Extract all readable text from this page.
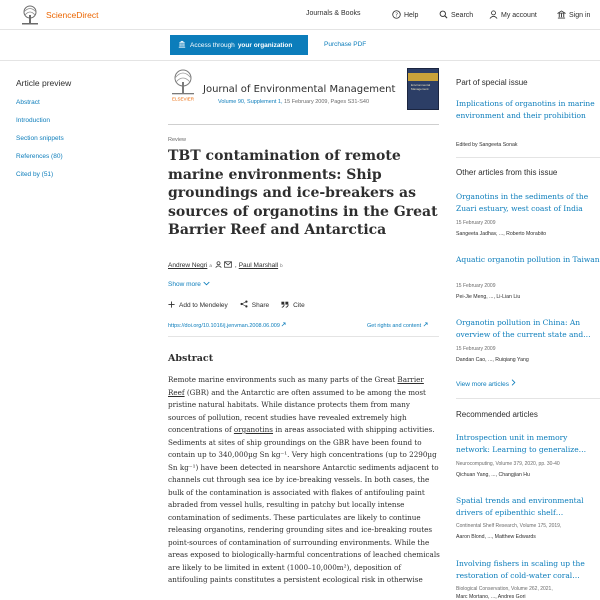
ScienceDirect	Journals & Books	? Help	Search	My account	Sign in
Access through your organization	Purchase PDF
Article preview
Abstract
Introduction
Section snippets
References (80)
Cited by (51)
ELSEVIER
Journal of Environmental Management
Volume 90, Supplement 1, 15 February 2009, Pages S31-S40
Environmental Management
Review
TBT contamination of remote marine environments: Ship groundings and ice-breakers as sources of organotins in the Great Barrier Reef and Antarctica
Andrew Negri a	, Paul Marshall b
Show more
Add to Mendeley	Share	Cite
https://doi.org/10.1016/j.jenvman.2008.06.009	Get rights and content
Abstract
Remote marine environments such as many parts of the Great Barrier Reef (GBR) and the Antarctic are often assumed to be among the most pristine natural habitats. While distance protects them from many sources of pollution, recent studies have revealed extremely high concentrations of organotins in areas associated with shipping activities. Sediments at sites of ship groundings on the GBR have been found to contain up to 340,000µg Sn kg⁻¹. Very high concentrations (up to 2290µg Sn kg⁻¹) have been detected in nearshore Antarctic sediments adjacent to channels cut through sea ice by ice-breaking vessels. In both cases, the bulk of the contamination is associated with flakes of antifouling paint abraded from vessel hulls, resulting in patchy but locally intense contamination of sediments. These particulates are likely to continue releasing organotins, rendering grounding sites and ice-breaking routes point-sources of contamination of surrounding environments. While the areas exposed to biologically-harmful concentrations of leached chemicals are likely to be limited in extent (1000–10,000m²), deposition of antifouling paints constitutes a persistent ecological risk in otherwise
Part of special issue
Implications of organotins in marine environment and their prohibition
Edited by Sangeeta Sonak
Other articles from this issue
Organotins in the sediments of the Zuari estuary, west coast of India
15 February 2009
Sangeeta Jadhav, ..., Roberto Morabito
Aquatic organotin pollution in Taiwan
15 February 2009
Pei-Jie Meng, ..., Li-Lian Liu
Organotin pollution in China: An overview of the current state and…
15 February 2009
Dandan Cao, ..., Ruiqiang Yang
View more articles
Recommended articles
Introspection unit in memory network: Learning to generalize…
Neurocomputing, Volume 379, 2020, pp. 30-40
Qichuan Yang, ..., Changjian Hu
Spatial trends and environmental drivers of epibenthic shelf…
Continental Shelf Research, Volume 175, 2019,
Aaron Blond, ..., Matthew Edwards
Involving fishers in scaling up the restoration of cold-water coral…
Biological Conservation, Volume 262, 2021,
Marc Mortano, ..., Andres Gori
